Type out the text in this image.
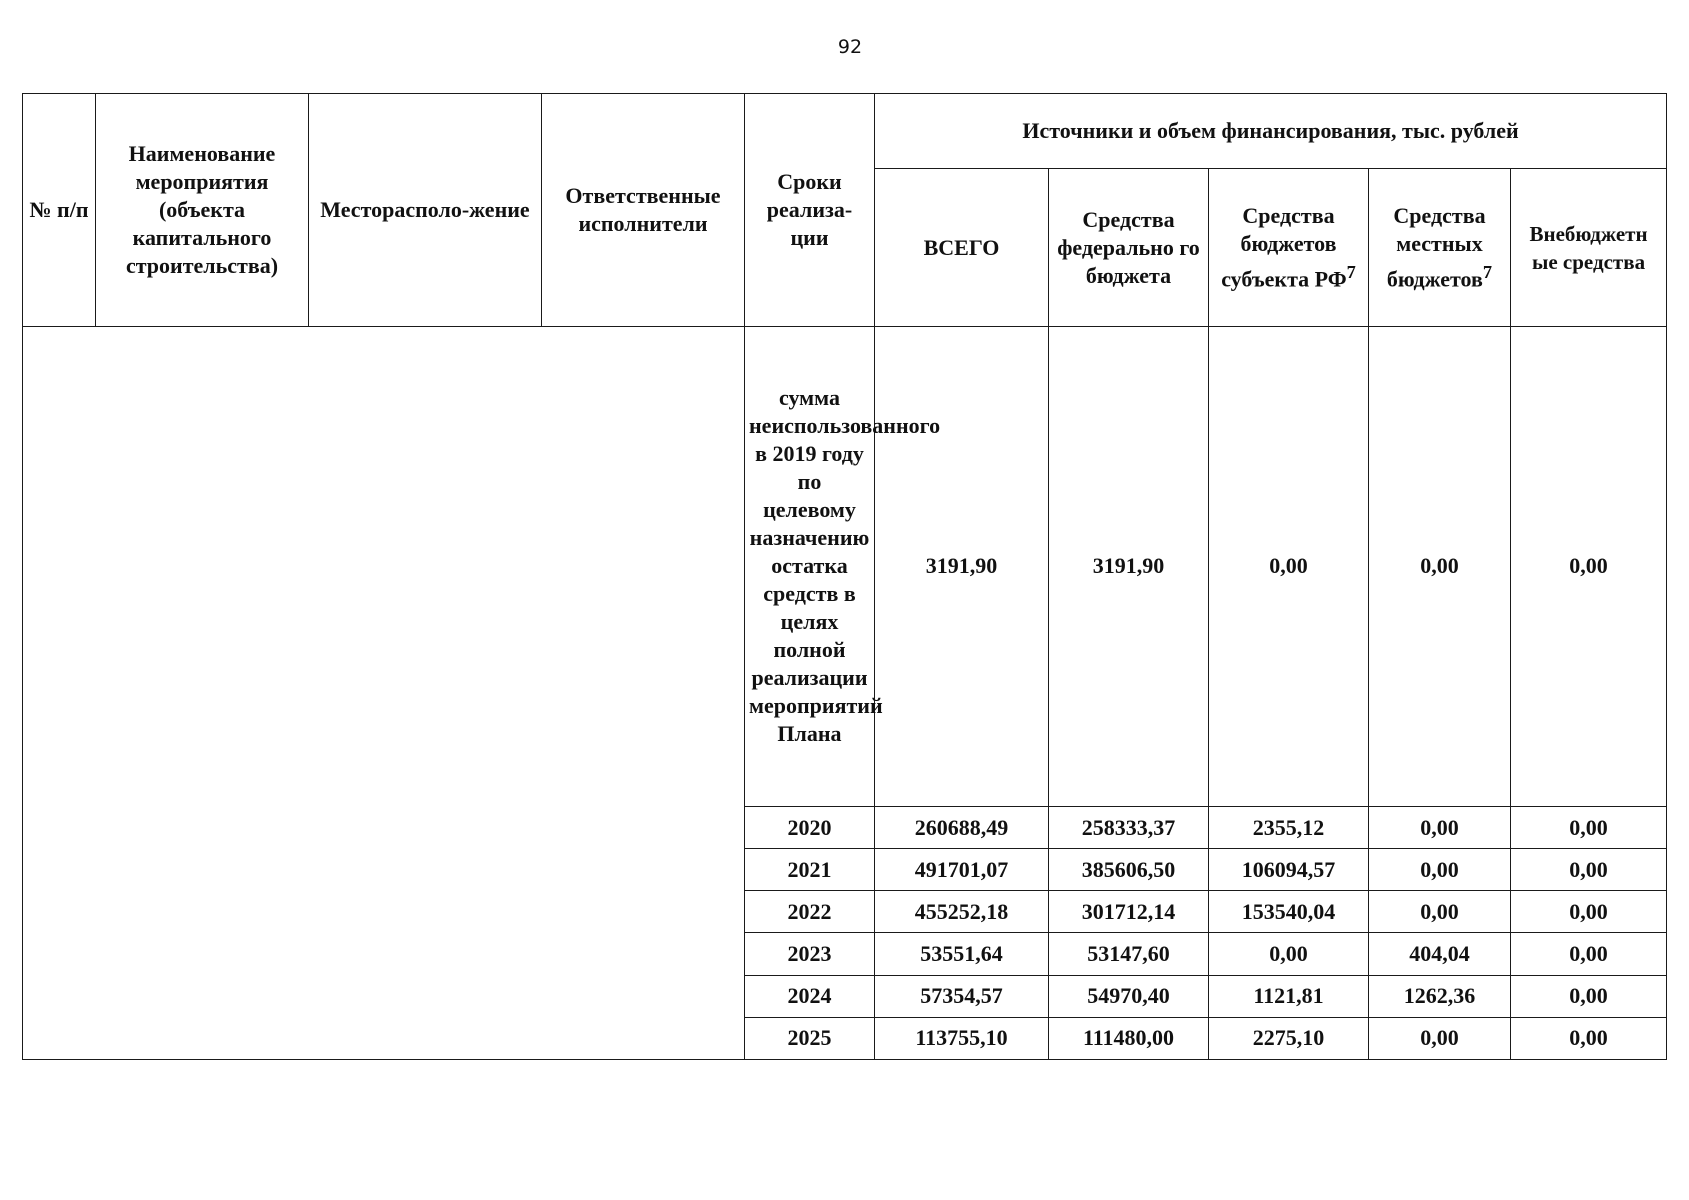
92
№ п/п	Наименование мероприятия (объекта капитального строительства)	Месторасполо-жение	Ответственные исполнители	Сроки реализа-ции	Источники и объем финансирования, тыс. рублей				
					ВСЕГО	Средства федерально го бюджета	Средства бюджетов субъекта $РФ^7$	Средства местных бюджетов$^7$	Внебюджетн ые средства
				сумма неиспользованного в 2019 году по целевому назначению остатка средств в целях полной реализации мероприятий Плана	3191,90	3191,90	0,00	0,00	0,00
				2020	260688,49	258333,37	2355,12	0,00	0,00
				2021	491701,07	385606,50	106094,57	0,00	0,00
				2022	455252,18	301712,14	153540,04	0,00	0,00
				2023	53551,64	53147,60	0,00	404,04	0,00
				2024	57354,57	54970,40	1121,81	1262,36	0,00
				2025	113755,10	111480,00	2275,10	0,00	0,00
